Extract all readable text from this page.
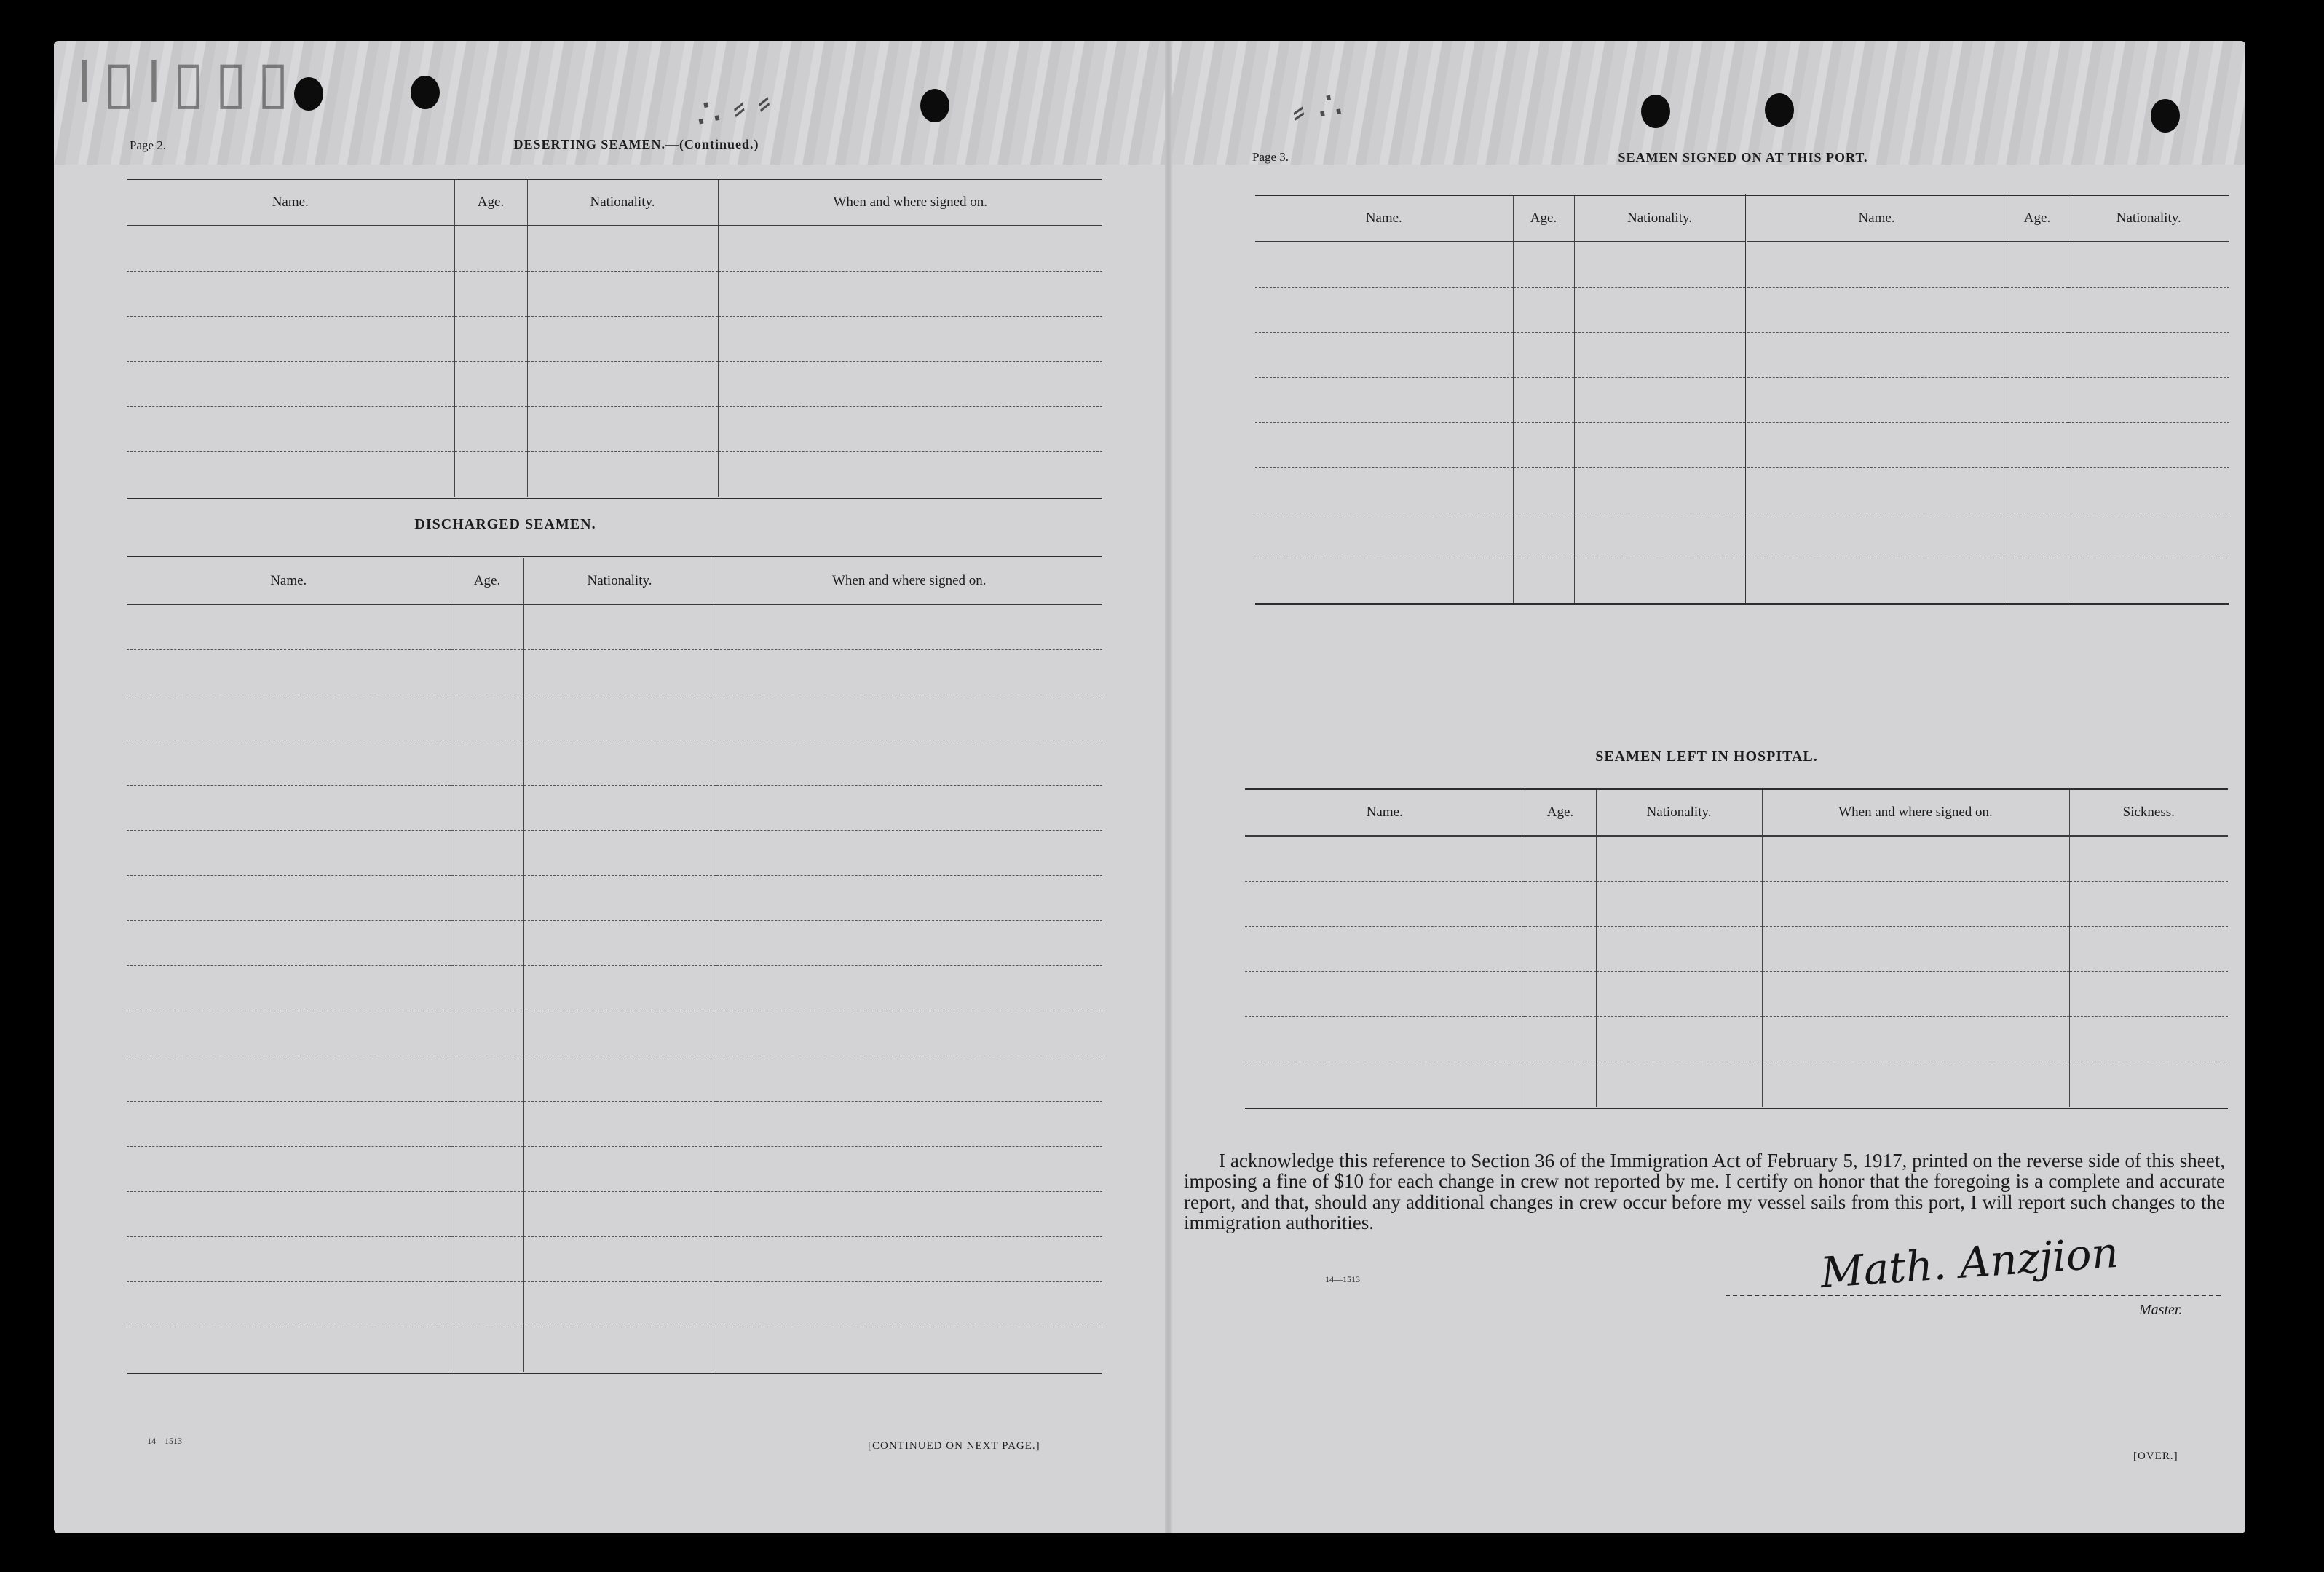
ǀ▯ǀ▯▯▯	∴ ⸗ ⸗	⸗ ∴
Page 2.	DESERTING SEAMEN.—(Continued.)
Name.	Age.	Nationality.	When and where signed on.

DISCHARGED SEAMEN.
Name.	Age.	Nationality.	When and where signed on.

14—1513	[CONTINUED ON NEXT PAGE.]
Page 3.	SEAMEN SIGNED ON AT THIS PORT.
Name.	Age.	Nationality.	Name.	Age.	Nationality.

SEAMEN LEFT IN HOSPITAL.
Name.	Age.	Nationality.	When and where signed on.	Sickness.

14—1513
I acknowledge this reference to Section 36 of the Immigration Act of February 5, 1917, printed on the reverse side of this sheet, imposing a fine of $10 for each change in crew not reported by me. I certify on honor that the foregoing is a complete and accurate report, and that, should any additional changes in crew occur before my vessel sails from this port, I will report such changes to the immigration authorities.
Math. Anzjion
Master.
[OVER.]
